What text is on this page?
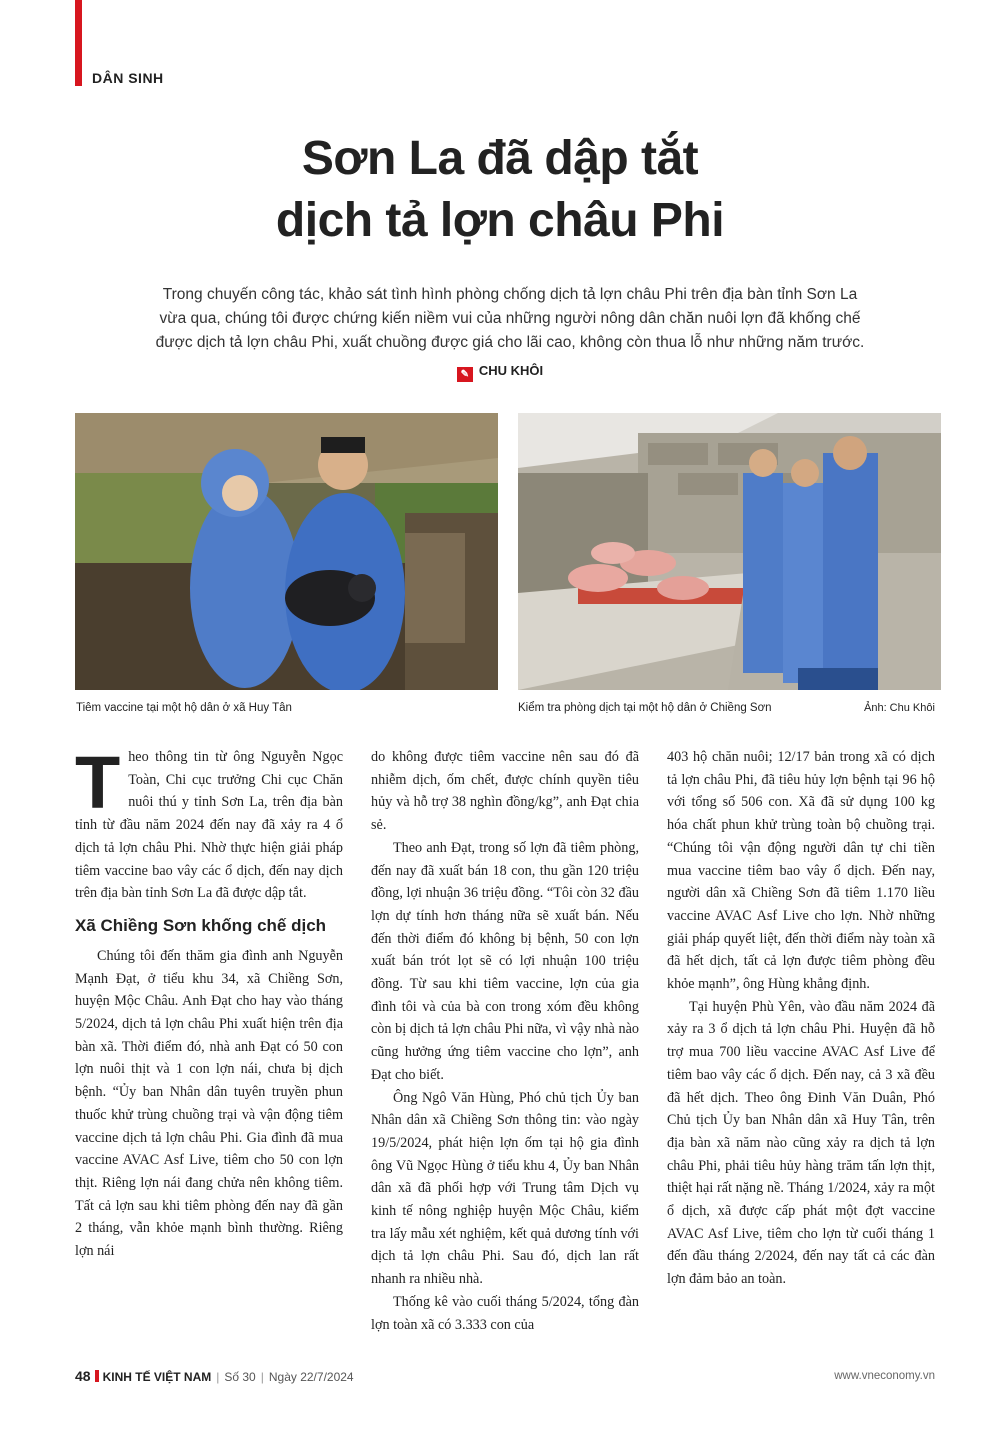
DÂN SINH
Sơn La đã dập tắt
dịch tả lợn châu Phi
Trong chuyến công tác, khảo sát tình hình phòng chống dịch tả lợn châu Phi trên địa bàn tỉnh Sơn La
vừa qua, chúng tôi được chứng kiến niềm vui của những người nông dân chăn nuôi lợn đã khống chế
được dịch tả lợn châu Phi, xuất chuồng được giá cho lãi cao, không còn thua lỗ như những năm trước.
✎ CHU KHÔI
Tiêm vaccine tại một hộ dân ở xã Huy Tân	Kiểm tra phòng dịch tại một hộ dân ở Chiềng Sơn	Ảnh: Chu Khôi

Theo thông tin từ ông Nguyễn Ngọc Toàn, Chi cục trưởng Chi cục Chăn nuôi thú y tỉnh Sơn La, trên địa bàn tỉnh từ đầu năm 2024 đến nay đã xảy ra 4 ổ dịch tả lợn châu Phi. Nhờ thực hiện giải pháp tiêm vaccine bao vây các ổ dịch, đến nay dịch trên địa bàn tỉnh Sơn La đã được dập tắt.

Xã Chiềng Sơn khống chế dịch

Chúng tôi đến thăm gia đình anh Nguyễn Mạnh Đạt, ở tiểu khu 34, xã Chiềng Sơn, huyện Mộc Châu. Anh Đạt cho hay vào tháng 5/2024, dịch tả lợn châu Phi xuất hiện trên địa bàn xã. Thời điểm đó, nhà anh Đạt có 50 con lợn nuôi thịt và 1 con lợn nái, chưa bị dịch bệnh. “Ủy ban Nhân dân tuyên truyền phun thuốc khử trùng chuồng trại và vận động tiêm vaccine dịch tả lợn châu Phi. Gia đình đã mua vaccine AVAC Asf Live, tiêm cho 50 con lợn thịt. Riêng lợn nái đang chửa nên không tiêm. Tất cả lợn sau khi tiêm phòng đến nay đã gần 2 tháng, vẫn khỏe mạnh bình thường. Riêng lợn nái

do không được tiêm vaccine nên sau đó đã nhiễm dịch, ốm chết, được chính quyền tiêu hủy và hỗ trợ 38 nghìn đồng/kg”, anh Đạt chia sẻ.

Theo anh Đạt, trong số lợn đã tiêm phòng, đến nay đã xuất bán 18 con, thu gần 120 triệu đồng, lợi nhuận 36 triệu đồng. “Tôi còn 32 đầu lợn dự tính hơn tháng nữa sẽ xuất bán. Nếu đến thời điểm đó không bị bệnh, 50 con lợn xuất bán trót lọt sẽ có lợi nhuận 100 triệu đồng. Từ sau khi tiêm vaccine, lợn của gia đình tôi và của bà con trong xóm đều không còn bị dịch tả lợn châu Phi nữa, vì vậy nhà nào cũng hưởng ứng tiêm vaccine cho lợn”, anh Đạt cho biết.

Ông Ngô Văn Hùng, Phó chủ tịch Ủy ban Nhân dân xã Chiềng Sơn thông tin: vào ngày 19/5/2024, phát hiện lợn ốm tại hộ gia đình ông Vũ Ngọc Hùng ở tiểu khu 4, Ủy ban Nhân dân xã đã phối hợp với Trung tâm Dịch vụ kinh tế nông nghiệp huyện Mộc Châu, kiểm tra lấy mẫu xét nghiệm, kết quả dương tính với dịch tả lợn châu Phi. Sau đó, dịch lan rất nhanh ra nhiều nhà.

Thống kê vào cuối tháng 5/2024, tổng đàn lợn toàn xã có 3.333 con của

403 hộ chăn nuôi; 12/17 bản trong xã có dịch tả lợn châu Phi, đã tiêu hủy lợn bệnh tại 96 hộ với tổng số 506 con. Xã đã sử dụng 100 kg hóa chất phun khử trùng toàn bộ chuồng trại. “Chúng tôi vận động người dân tự chi tiền mua vaccine tiêm bao vây ổ dịch. Đến nay, người dân xã Chiềng Sơn đã tiêm 1.170 liều vaccine AVAC Asf Live cho lợn. Nhờ những giải pháp quyết liệt, đến thời điểm này toàn xã đã hết dịch, tất cả lợn được tiêm phòng đều khỏe mạnh”, ông Hùng khẳng định.

Tại huyện Phù Yên, vào đầu năm 2024 đã xảy ra 3 ổ dịch tả lợn châu Phi. Huyện đã hỗ trợ mua 700 liều vaccine AVAC Asf Live để tiêm bao vây các ổ dịch. Đến nay, cả 3 xã đều đã hết dịch. Theo ông Đinh Văn Duân, Phó Chủ tịch Ủy ban Nhân dân xã Huy Tân, trên địa bàn xã năm nào cũng xảy ra dịch tả lợn châu Phi, phải tiêu hủy hàng trăm tấn lợn thịt, thiệt hại rất nặng nề. Tháng 1/2024, xảy ra một ổ dịch, xã được cấp phát một đợt vaccine AVAC Asf Live, tiêm cho lợn từ cuối tháng 1 đến đầu tháng 2/2024, đến nay tất cả các đàn lợn đảm bảo an toàn.

48 KINH TẾ VIỆT NAM | Số 30 | Ngày 22/7/2024	www.vneconomy.vn
